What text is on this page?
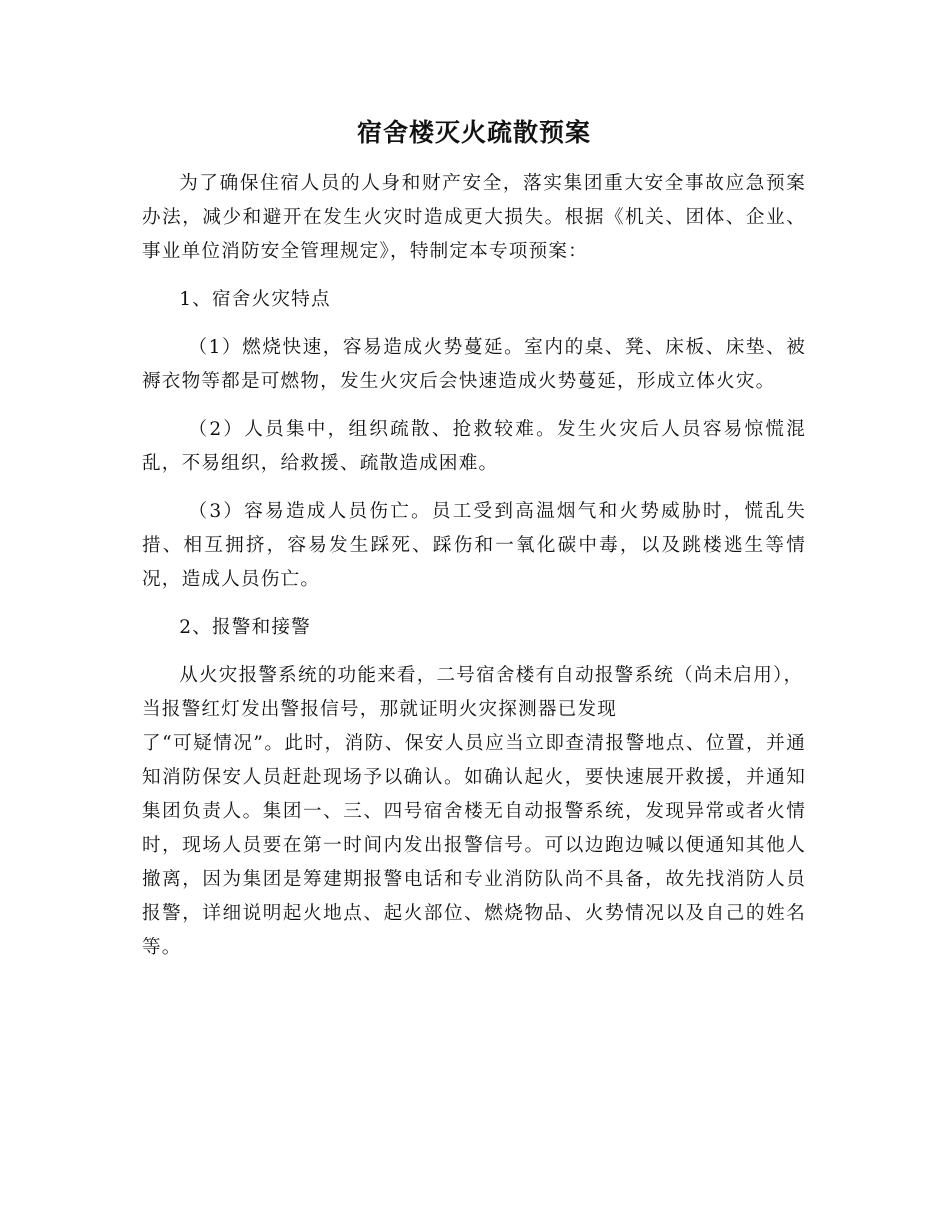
宿舍楼灭火疏散预案

为了确保住宿人员的人身和财产安全，落实集团重大安全事故应急预案办法，减少和避开在发生火灾时造成更大损失。根据《机关、团体、企业、事业单位消防安全管理规定》，特制定本专项预案：

1、宿舍火灾特点

（1）燃烧快速，容易造成火势蔓延。室内的桌、凳、床板、床垫、被褥衣物等都是可燃物，发生火灾后会快速造成火势蔓延，形成立体火灾。

（2）人员集中，组织疏散、抢救较难。发生火灾后人员容易惊慌混乱，不易组织，给救援、疏散造成困难。

（3）容易造成人员伤亡。员工受到高温烟气和火势威胁时，慌乱失措、相互拥挤，容易发生踩死、踩伤和一氧化碳中毒，以及跳楼逃生等情况，造成人员伤亡。

2、报警和接警

从火灾报警系统的功能来看，二号宿舍楼有自动报警系统（尚未启用），当报警红灯发出警报信号，那就证明火灾探测器已发现
了“可疑情况”。此时，消防、保安人员应当立即查清报警地点、位置，并通知消防保安人员赶赴现场予以确认。如确认起火，要快速展开救援，并通知集团负责人。集团一、三、四号宿舍楼无自动报警系统，发现异常或者火情时，现场人员要在第一时间内发出报警信号。可以边跑边喊以便通知其他人撤离，因为集团是筹建期报警电话和专业消防队尚不具备，故先找消防人员报警，详细说明起火地点、起火部位、燃烧物品、火势情况以及自己的姓名等。
